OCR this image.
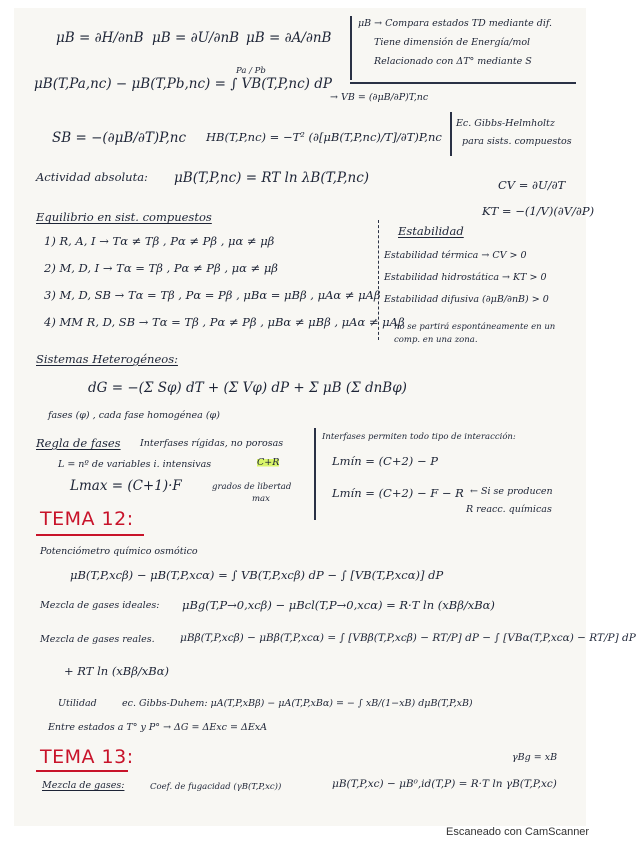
μB = ∂H/∂nB μB = ∂U/∂nB μB = ∂A/∂nB
μB → Compara estados TD mediante dif.
Tiene dimensión de Energía/mol
Relacionado con ΔT° mediante S
μB(T,Pa,nc) − μB(T,Pb,nc) = ∫ VB(T,P,nc) dP
Pa / Pb
→ VB = (∂μB/∂P)T,nc
SB = −(∂μB/∂T)P,nc HB(T,P,nc) = −T² (∂[μB(T,P,nc)/T]/∂T)P,nc
Ec. Gibbs-Helmholtz
para sists. compuestos
Actividad absoluta: μB(T,P,nc) = RT ln λB(T,P,nc)	CV = ∂U/∂T
KT = −(1/V)(∂V/∂P)
Equilibrio en sist. compuestos
1) R, A, I → Tα ≠ Tβ , Pα ≠ Pβ , μα ≠ μβ
2) M, D, I → Tα = Tβ , Pα ≠ Pβ , μα ≠ μβ
3) M, D, SB → Tα = Tβ , Pα = Pβ , μBα = μBβ , μAα ≠ μAβ
4) MM R, D, SB → Tα = Tβ , Pα ≠ Pβ , μBα ≠ μBβ , μAα ≠ μAβ
Estabilidad
Estabilidad térmica → CV > 0
Estabilidad hidrostática → KT > 0
Estabilidad difusiva (∂μB/∂nB) > 0
no se partirá espontáneamente en un comp. en una zona.
Sistemas Heterogéneos:
dG = −(Σ Sφ) dT + (Σ Vφ) dP + Σ μB (Σ dnBφ)
fases (φ) , cada fase homogénea (φ)
Regla de fases Interfases rígidas, no porosas
L = nº de variables i. intensivas	C+R
Lmax = (C+1)·F	grados de libertad
max
Interfases permiten todo tipo de interacción:
Lmín = (C+2) − P
Lmín = (C+2) − F − R ← Si se producen
R reacc. químicas
TEMA 12:
Potenciómetro químico osmótico
μB(T,P,xcβ) − μB(T,P,xcα) = ∫ VB(T,P,xcβ) dP − ∫ [VB(T,P,xcα)] dP
Mezcla de gases ideales: μBg(T,P→0,xcβ) − μBcl(T,P→0,xcα) = R·T ln (xBβ/xBα)
Mezcla de gases reales. μBβ(T,P,xcβ) − μBβ(T,P,xcα) = ∫ [VBβ(T,P,xcβ) − RT/P] dP − ∫ [VBα(T,P,xcα) − RT/P] dP
+ RT ln (xBβ/xBα)
Utilidad	ec. Gibbs-Duhem: μA(T,P,xBβ) − μA(T,P,xBα) = − ∫ xB/(1−xB) dμB(T,P,xB)
Entre estados a T° y P° → ΔG = ΔExc = ΔExA
TEMA 13:	γBg = xB
Mezcla de gases:	Coef. de fugacidad (γB(T,P,xc))	μB(T,P,xc) − μB⁰,id(T,P) = R·T ln γB(T,P,xc)
Escaneado con CamScanner
